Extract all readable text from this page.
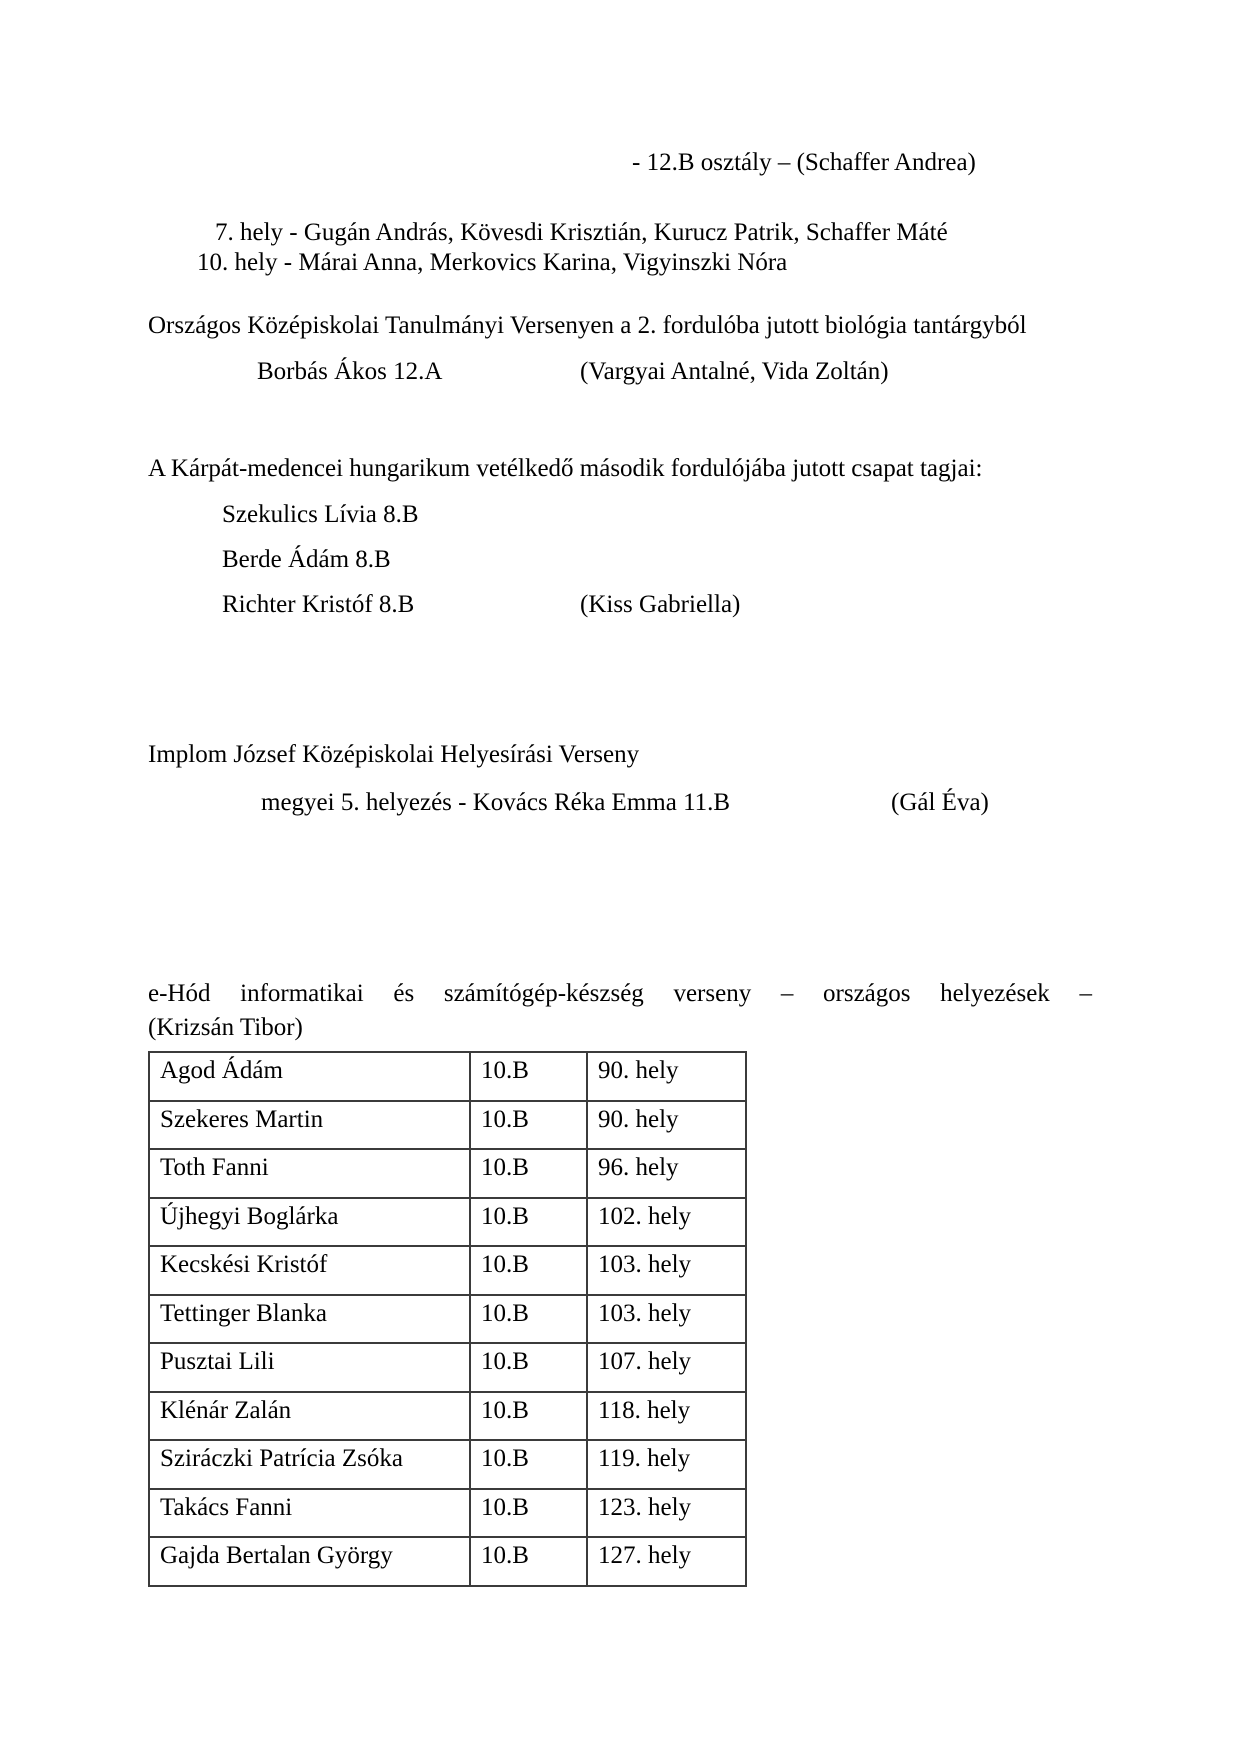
- 12.B osztály – (Schaffer Andrea)
7. hely - Gugán András, Kövesdi Krisztián, Kurucz Patrik, Schaffer Máté
10. hely - Márai Anna, Merkovics Karina, Vigyinszki Nóra
Országos Középiskolai Tanulmányi Versenyen a 2. fordulóba jutott biológia tantárgyból
Borbás Ákos 12.A	(Vargyai Antalné, Vida Zoltán)
A Kárpát-medencei hungarikum vetélkedő második fordulójába jutott csapat tagjai:
Szekulics Lívia 8.B
Berde Ádám 8.B
Richter Kristóf 8.B	(Kiss Gabriella)
Implom József Középiskolai Helyesírási Verseny
megyei 5. helyezés - Kovács Réka Emma 11.B	(Gál Éva)
e-Hód informatikai és számítógép-készség verseny – országos helyezések –
(Krizsán Tibor)
Agod Ádám	10.B	90. hely
Szekeres Martin	10.B	90. hely
Toth Fanni	10.B	96. hely
Újhegyi Boglárka	10.B	102. hely
Kecskési Kristóf	10.B	103. hely
Tettinger Blanka	10.B	103. hely
Pusztai Lili	10.B	107. hely
Klénár Zalán	10.B	118. hely
Sziráczki Patrícia Zsóka	10.B	119. hely
Takács Fanni	10.B	123. hely
Gajda Bertalan György	10.B	127. hely
